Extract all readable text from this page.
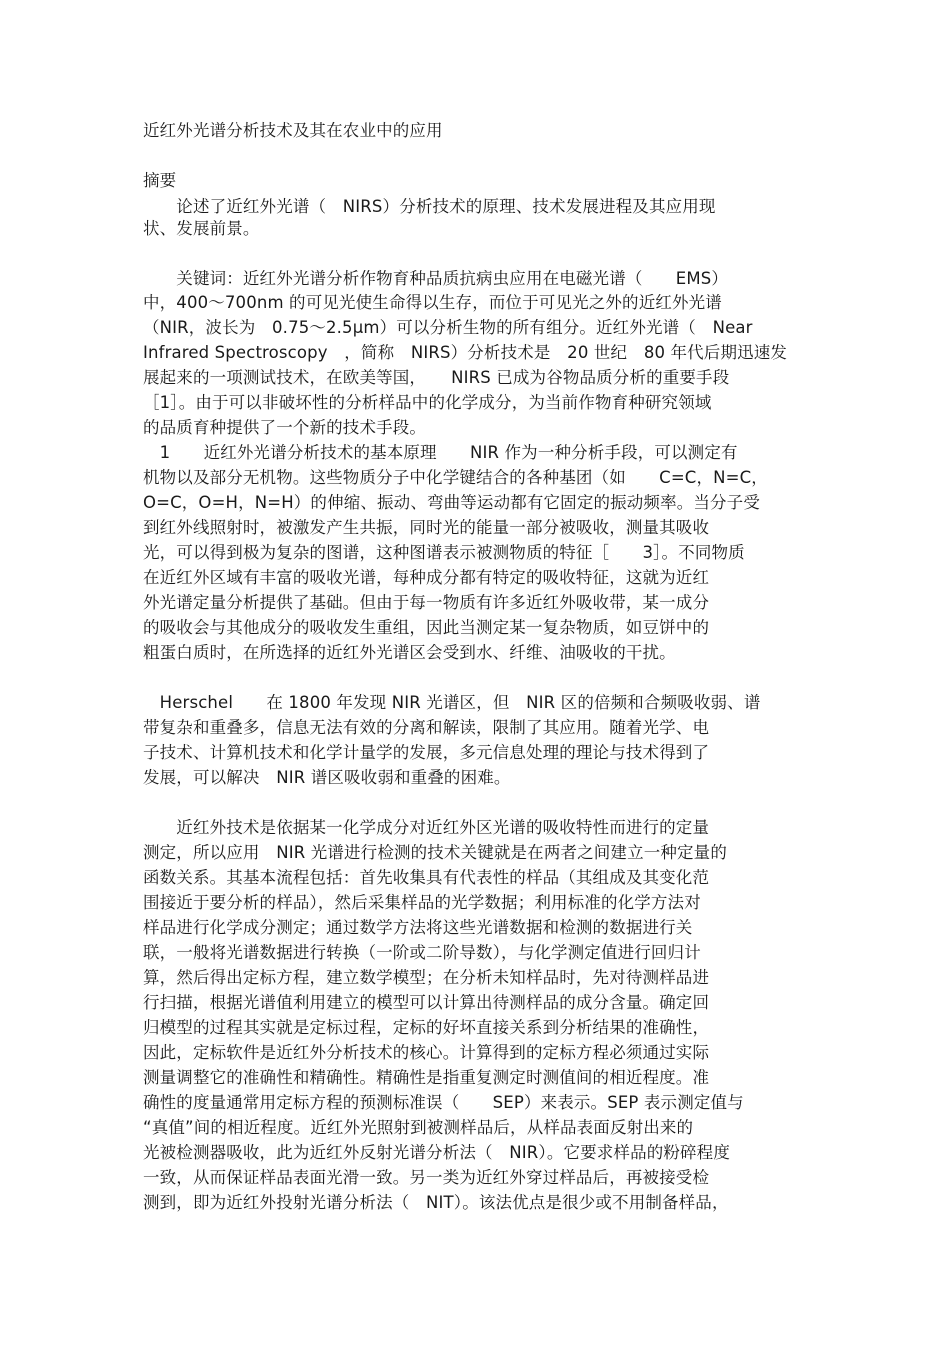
近红外光谱分析技术及其在农业中的应用
摘要
　　论述了近红外光谱（　NIRS）分析技术的原理、技术发展进程及其应用现
状、发展前景。
　　关键词：近红外光谱分析作物育种品质抗病虫应用在电磁光谱（　　EMS）
中，400～700nm 的可见光使生命得以生存，而位于可见光之外的近红外光谱
（NIR，波长为　0.75～2.5μm）可以分析生物的所有组分。近红外光谱（　Near
Infrared Spectroscopy　，简称　NIRS）分析技术是　20 世纪　80 年代后期迅速发
展起来的一项测试技术，在欧美等国，　　NIRS 已成为谷物品质分析的重要手段
［1］。由于可以非破坏性的分析样品中的化学成分，为当前作物育种研究领域
的品质育种提供了一个新的技术手段。
　1　　近红外光谱分析技术的基本原理　　NIR 作为一种分析手段，可以测定有
机物以及部分无机物。这些物质分子中化学键结合的各种基团（如　　C=C，N=C，
O=C，O=H，N=H）的伸缩、振动、弯曲等运动都有它固定的振动频率。当分子受
到红外线照射时，被激发产生共振，同时光的能量一部分被吸收，测量其吸收
光，可以得到极为复杂的图谱，这种图谱表示被测物质的特征［　　3］。不同物质
在近红外区域有丰富的吸收光谱，每种成分都有特定的吸收特征，这就为近红
外光谱定量分析提供了基础。但由于每一物质有许多近红外吸收带，某一成分
的吸收会与其他成分的吸收发生重组，因此当测定某一复杂物质，如豆饼中的
粗蛋白质时，在所选择的近红外光谱区会受到水、纤维、油吸收的干扰。
　Herschel　　在 1800 年发现 NIR 光谱区，但　NIR 区的倍频和合频吸收弱、谱
带复杂和重叠多，信息无法有效的分离和解读，限制了其应用。随着光学、电
子技术、计算机技术和化学计量学的发展，多元信息处理的理论与技术得到了
发展，可以解决　NIR 谱区吸收弱和重叠的困难。
　　近红外技术是依据某一化学成分对近红外区光谱的吸收特性而进行的定量
测定，所以应用　NIR 光谱进行检测的技术关键就是在两者之间建立一种定量的
函数关系。其基本流程包括：首先收集具有代表性的样品（其组成及其变化范
围接近于要分析的样品），然后采集样品的光学数据；利用标准的化学方法对
样品进行化学成分测定；通过数学方法将这些光谱数据和检测的数据进行关
联，一般将光谱数据进行转换（一阶或二阶导数），与化学测定值进行回归计
算，然后得出定标方程，建立数学模型；在分析未知样品时，先对待测样品进
行扫描，根据光谱值利用建立的模型可以计算出待测样品的成分含量。确定回
归模型的过程其实就是定标过程，定标的好坏直接关系到分析结果的准确性，
因此，定标软件是近红外分析技术的核心。计算得到的定标方程必须通过实际
测量调整它的准确性和精确性。精确性是指重复测定时测值间的相近程度。准
确性的度量通常用定标方程的预测标准误（　　SEP）来表示。SEP 表示测定值与
“真值”间的相近程度。近红外光照射到被测样品后，从样品表面反射出来的
光被检测器吸收，此为近红外反射光谱分析法（　NIR）。它要求样品的粉碎程度
一致，从而保证样品表面光滑一致。另一类为近红外穿过样品后，再被接受检
测到，即为近红外投射光谱分析法（　NIT）。该法优点是很少或不用制备样品，
